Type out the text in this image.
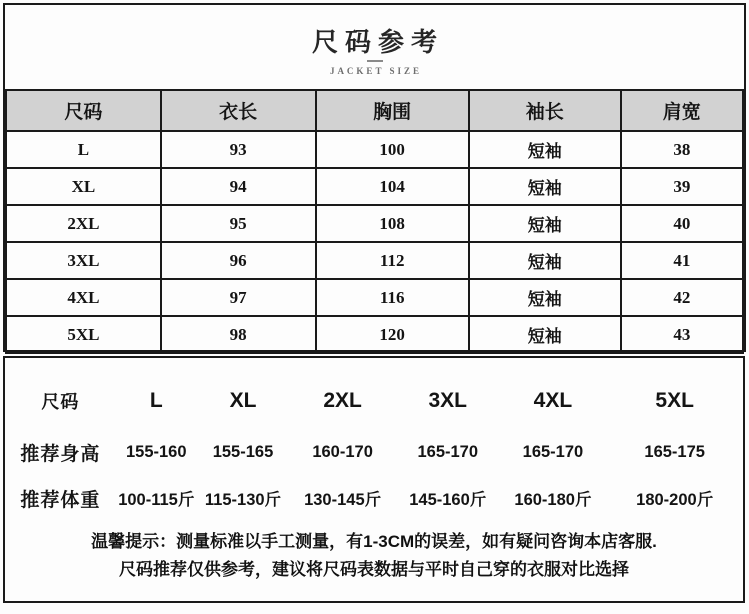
尺码参考
JACKET SIZE
尺码	衣长	胸围	袖长	肩宽
L	93	100	短袖	38
XL	94	104	短袖	39
2XL	95	108	短袖	40
3XL	96	112	短袖	41
4XL	97	116	短袖	42
5XL	98	120	短袖	43
尺码	L	XL	2XL	3XL	4XL	5XL
推荐身高	155-160	155-165	160-170	165-170	165-170	165-175
推荐体重	100-115斤 115-130斤	130-145斤	145-160斤	160-180斤	180-200斤
温馨提示：测量标准以手工测量，有1-3CM的误差，如有疑问咨询本店客服.
尺码推荐仅供参考，建议将尺码表数据与平时自己穿的衣服对比选择
